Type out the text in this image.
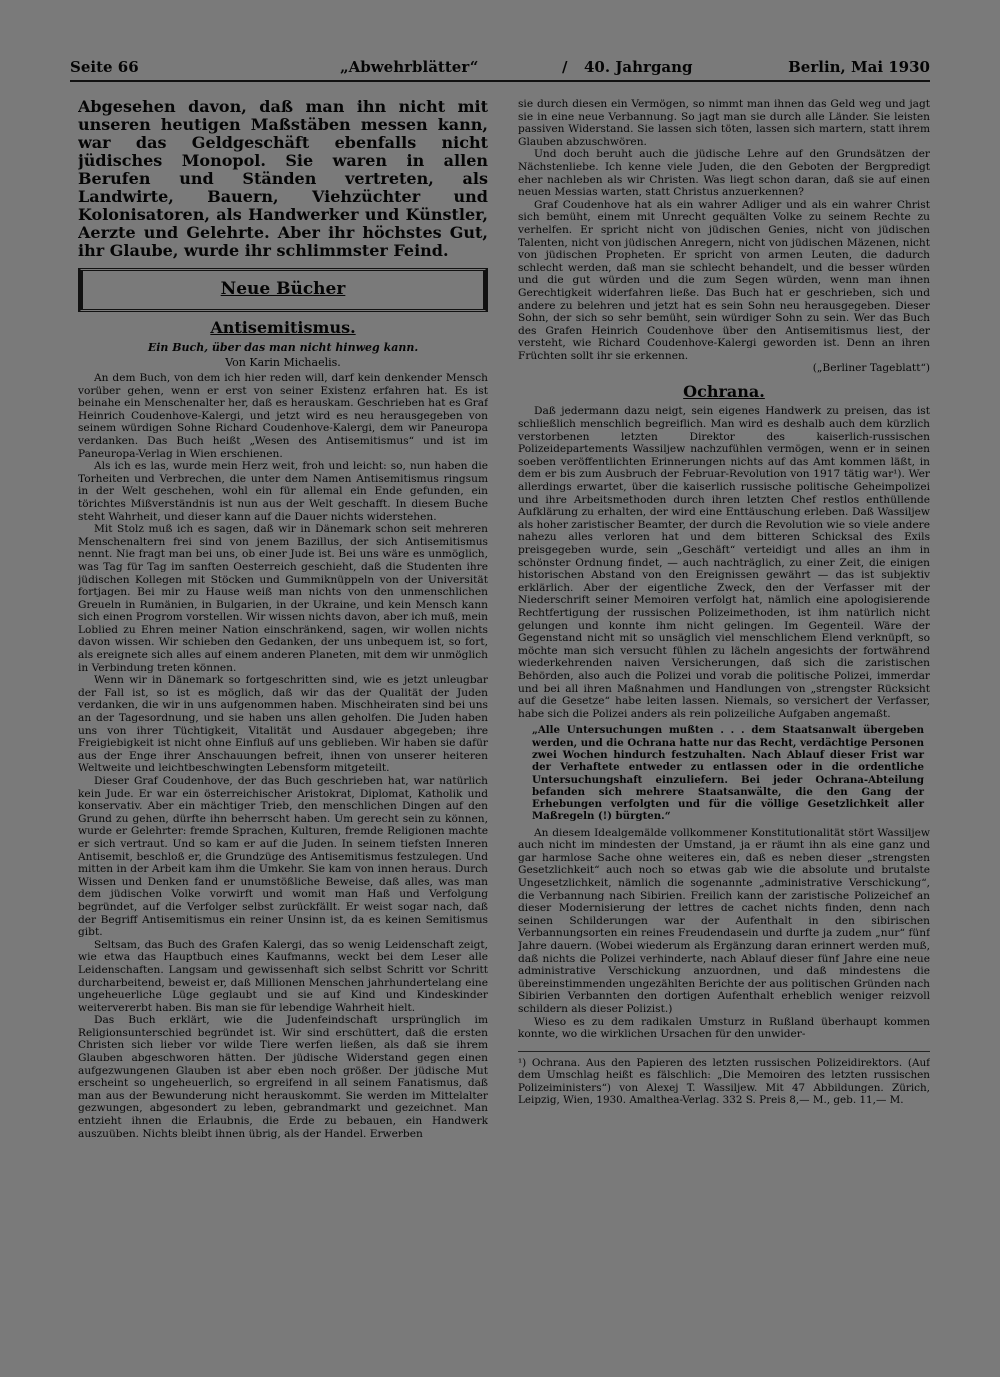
Seite 66	„Abwehrblätter“	/ 40. Jahrgang	Berlin, Mai 1930
Abgesehen davon, daß man ihn nicht mit unseren heutigen Maßstäben messen kann, war das Geldgeschäft ebenfalls nicht jüdisches Monopol. Sie waren in allen Berufen und Ständen vertreten, als Landwirte, Bauern, Viehzüchter und Kolonisatoren, als Handwerker und Künstler, Aerzte und Gelehrte. Aber ihr höchstes Gut, ihr Glaube, wurde ihr schlimmster Feind.
Neue Bücher
Antisemitismus.
Ein Buch, über das man nicht hinweg kann.
Von Karin Michaelis.

An dem Buch, von dem ich hier reden will, darf kein denkender Mensch vorüber gehen, wenn er erst von seiner Existenz erfahren hat. Es ist beinahe ein Menschenalter her, daß es herauskam. Geschrieben hat es Graf Heinrich Coudenhove-Kalergi, und jetzt wird es neu herausgegeben von seinem würdigen Sohne Richard Coudenhove-Kalergi, dem wir Paneuropa verdanken. Das Buch heißt „Wesen des Antisemitismus“ und ist im Paneuropa-Verlag in Wien erschienen.

Als ich es las, wurde mein Herz weit, froh und leicht: so, nun haben die Torheiten und Verbrechen, die unter dem Namen Antisemitismus ringsum in der Welt geschehen, wohl ein für allemal ein Ende gefunden, ein törichtes Mißverständnis ist nun aus der Welt geschafft. In diesem Buche steht Wahrheit, und dieser kann auf die Dauer nichts widerstehen.

Mit Stolz muß ich es sagen, daß wir in Dänemark schon seit mehreren Menschenaltern frei sind von jenem Bazillus, der sich Antisemitismus nennt. Nie fragt man bei uns, ob einer Jude ist. Bei uns wäre es unmöglich, was Tag für Tag im sanften Oesterreich geschieht, daß die Studenten ihre jüdischen Kollegen mit Stöcken und Gummiknüppeln von der Universität fortjagen. Bei mir zu Hause weiß man nichts von den unmenschlichen Greueln in Rumänien, in Bulgarien, in der Ukraine, und kein Mensch kann sich einen Progrom vorstellen. Wir wissen nichts davon, aber ich muß, mein Loblied zu Ehren meiner Nation einschränkend, sagen, wir wollen nichts davon wissen. Wir schieben den Gedanken, der uns unbequem ist, so fort, als ereignete sich alles auf einem anderen Planeten, mit dem wir unmöglich in Verbindung treten können.

Wenn wir in Dänemark so fortgeschritten sind, wie es jetzt unleugbar der Fall ist, so ist es möglich, daß wir das der Qualität der Juden verdanken, die wir in uns aufgenommen haben. Mischheiraten sind bei uns an der Tagesordnung, und sie haben uns allen geholfen. Die Juden haben uns von ihrer Tüchtigkeit, Vitalität und Ausdauer abgegeben; ihre Freigiebigkeit ist nicht ohne Einfluß auf uns geblieben. Wir haben sie dafür aus der Enge ihrer Anschauungen befreit, ihnen von unserer heiteren Weltweite und leichtbeschwingten Lebensform mitgeteilt.

Dieser Graf Coudenhove, der das Buch geschrieben hat, war natürlich kein Jude. Er war ein österreichischer Aristokrat, Diplomat, Katholik und konservativ. Aber ein mächtiger Trieb, den menschlichen Dingen auf den Grund zu gehen, dürfte ihn beherrscht haben. Um gerecht sein zu können, wurde er Gelehrter: fremde Sprachen, Kulturen, fremde Religionen machte er sich vertraut. Und so kam er auf die Juden. In seinem tiefsten Inneren Antisemit, beschloß er, die Grundzüge des Antisemitismus festzulegen. Und mitten in der Arbeit kam ihm die Umkehr. Sie kam von innen heraus. Durch Wissen und Denken fand er unumstößliche Beweise, daß alles, was man dem jüdischen Volke vorwirft und womit man Haß und Verfolgung begründet, auf die Verfolger selbst zurückfällt. Er weist sogar nach, daß der Begriff Antisemitismus ein reiner Unsinn ist, da es keinen Semitismus gibt.

Seltsam, das Buch des Grafen Kalergi, das so wenig Leidenschaft zeigt, wie etwa das Hauptbuch eines Kaufmanns, weckt bei dem Leser alle Leidenschaften. Langsam und gewissenhaft sich selbst Schritt vor Schritt durcharbeitend, beweist er, daß Millionen Menschen jahrhundertelang eine ungeheuerliche Lüge geglaubt und sie auf Kind und Kindeskinder weitervererbt haben. Bis man sie für lebendige Wahrheit hielt.

Das Buch erklärt, wie die Judenfeindschaft ursprünglich im Religionsunterschied begründet ist. Wir sind erschüttert, daß die ersten Christen sich lieber vor wilde Tiere werfen ließen, als daß sie ihrem Glauben abgeschworen hätten. Der jüdische Widerstand gegen einen aufgezwungenen Glauben ist aber eben noch größer. Der jüdische Mut erscheint so ungeheuerlich, so ergreifend in all seinem Fanatismus, daß man aus der Bewunderung nicht herauskommt. Sie werden im Mittelalter gezwungen, abgesondert zu leben, gebrandmarkt und gezeichnet. Man entzieht ihnen die Erlaubnis, die Erde zu bebauen, ein Handwerk auszuüben. Nichts bleibt ihnen übrig, als der Handel. Erwerben

sie durch diesen ein Vermögen, so nimmt man ihnen das Geld weg und jagt sie in eine neue Verbannung. So jagt man sie durch alle Länder. Sie leisten passiven Widerstand. Sie lassen sich töten, lassen sich martern, statt ihrem Glauben abzuschwören.

Und doch beruht auch die jüdische Lehre auf den Grundsätzen der Nächstenliebe. Ich kenne viele Juden, die den Geboten der Bergpredigt eher nachleben als wir Christen. Was liegt schon daran, daß sie auf einen neuen Messias warten, statt Christus anzuerkennen?

Graf Coudenhove hat als ein wahrer Adliger und als ein wahrer Christ sich bemüht, einem mit Unrecht gequälten Volke zu seinem Rechte zu verhelfen. Er spricht nicht von jüdischen Genies, nicht von jüdischen Talenten, nicht von jüdischen Anregern, nicht von jüdischen Mäzenen, nicht von jüdischen Propheten. Er spricht von armen Leuten, die dadurch schlecht werden, daß man sie schlecht behandelt, und die besser würden und die gut würden und die zum Segen würden, wenn man ihnen Gerechtigkeit widerfahren ließe. Das Buch hat er geschrieben, sich und andere zu belehren und jetzt hat es sein Sohn neu herausgegeben. Dieser Sohn, der sich so sehr bemüht, sein würdiger Sohn zu sein. Wer das Buch des Grafen Heinrich Coudenhove über den Antisemitismus liest, der versteht, wie Richard Coudenhove-Kalergi geworden ist. Denn an ihren Früchten sollt ihr sie erkennen.

(„Berliner Tageblatt“)
Ochrana.

Daß jedermann dazu neigt, sein eigenes Handwerk zu preisen, das ist schließlich menschlich begreiflich. Man wird es deshalb auch dem kürzlich verstorbenen letzten Direktor des kaiserlich-russischen Polizeidepartements Wassiljew nachzufühlen vermögen, wenn er in seinen soeben veröffentlichten Erinnerungen nichts auf das Amt kommen läßt, in dem er bis zum Ausbruch der Februar-Revolution von 1917 tätig war¹). Wer allerdings erwartet, über die kaiserlich russische politische Geheimpolizei und ihre Arbeitsmethoden durch ihren letzten Chef restlos enthüllende Aufklärung zu erhalten, der wird eine Enttäuschung erleben. Daß Wassiljew als hoher zaristischer Beamter, der durch die Revolution wie so viele andere nahezu alles verloren hat und dem bitteren Schicksal des Exils preisgegeben wurde, sein „Geschäft“ verteidigt und alles an ihm in schönster Ordnung findet, — auch nachträglich, zu einer Zeit, die einigen historischen Abstand von den Ereignissen gewährt — das ist subjektiv erklärlich. Aber der eigentliche Zweck, den der Verfasser mit der Niederschrift seiner Memoiren verfolgt hat, nämlich eine apologisierende Rechtfertigung der russischen Polizeimethoden, ist ihm natürlich nicht gelungen und konnte ihm nicht gelingen. Im Gegenteil. Wäre der Gegenstand nicht mit so unsäglich viel menschlichem Elend verknüpft, so möchte man sich versucht fühlen zu lächeln angesichts der fortwährend wiederkehrenden naiven Versicherungen, daß sich die zaristischen Behörden, also auch die Polizei und vorab die politische Polizei, immerdar und bei all ihren Maßnahmen und Handlungen von „strengster Rücksicht auf die Gesetze“ habe leiten lassen. Niemals, so versichert der Verfasser, habe sich die Polizei anders als rein polizeiliche Aufgaben angemaßt.

„Alle Untersuchungen mußten . . . dem Staatsanwalt übergeben werden, und die Ochrana hatte nur das Recht, verdächtige Personen zwei Wochen hindurch festzuhalten. Nach Ablauf dieser Frist war der Verhaftete entweder zu entlassen oder in die ordentliche Untersuchungshaft einzuliefern. Bei jeder Ochrana-Abteilung befanden sich mehrere Staatsanwälte, die den Gang der Erhebungen verfolgten und für die völlige Gesetzlichkeit aller Maßregeln (!) bürgten.“

An diesem Idealgemälde vollkommener Konstitutionalität stört Wassiljew auch nicht im mindesten der Umstand, ja er räumt ihn als eine ganz und gar harmlose Sache ohne weiteres ein, daß es neben dieser „strengsten Gesetzlichkeit“ auch noch so etwas gab wie die absolute und brutalste Ungesetzlichkeit, nämlich die sogenannte „administrative Verschickung“, die Verbannung nach Sibirien. Freilich kann der zaristische Polizeichef an dieser Modernisierung der lettres de cachet nichts finden, denn nach seinen Schilderungen war der Aufenthalt in den sibirischen Verbannungsorten ein reines Freudendasein und durfte ja zudem „nur“ fünf Jahre dauern. (Wobei wiederum als Ergänzung daran erinnert werden muß, daß nichts die Polizei verhinderte, nach Ablauf dieser fünf Jahre eine neue administrative Verschickung anzuordnen, und daß mindestens die übereinstimmenden ungezählten Berichte der aus politischen Gründen nach Sibirien Verbannten den dortigen Aufenthalt erheblich weniger reizvoll schildern als dieser Polizist.)

Wieso es zu dem radikalen Umsturz in Rußland überhaupt kommen konnte, wo die wirklichen Ursachen für den unwider-

¹) Ochrana. Aus den Papieren des letzten russischen Polizeidirektors. (Auf dem Umschlag heißt es fälschlich: „Die Memoiren des letzten russischen Polizeiministers“) von Alexej T. Wassiljew. Mit 47 Abbildungen. Zürich, Leipzig, Wien, 1930. Amalthea-Verlag. 332 S. Preis 8,— M., geb. 11,— M.
